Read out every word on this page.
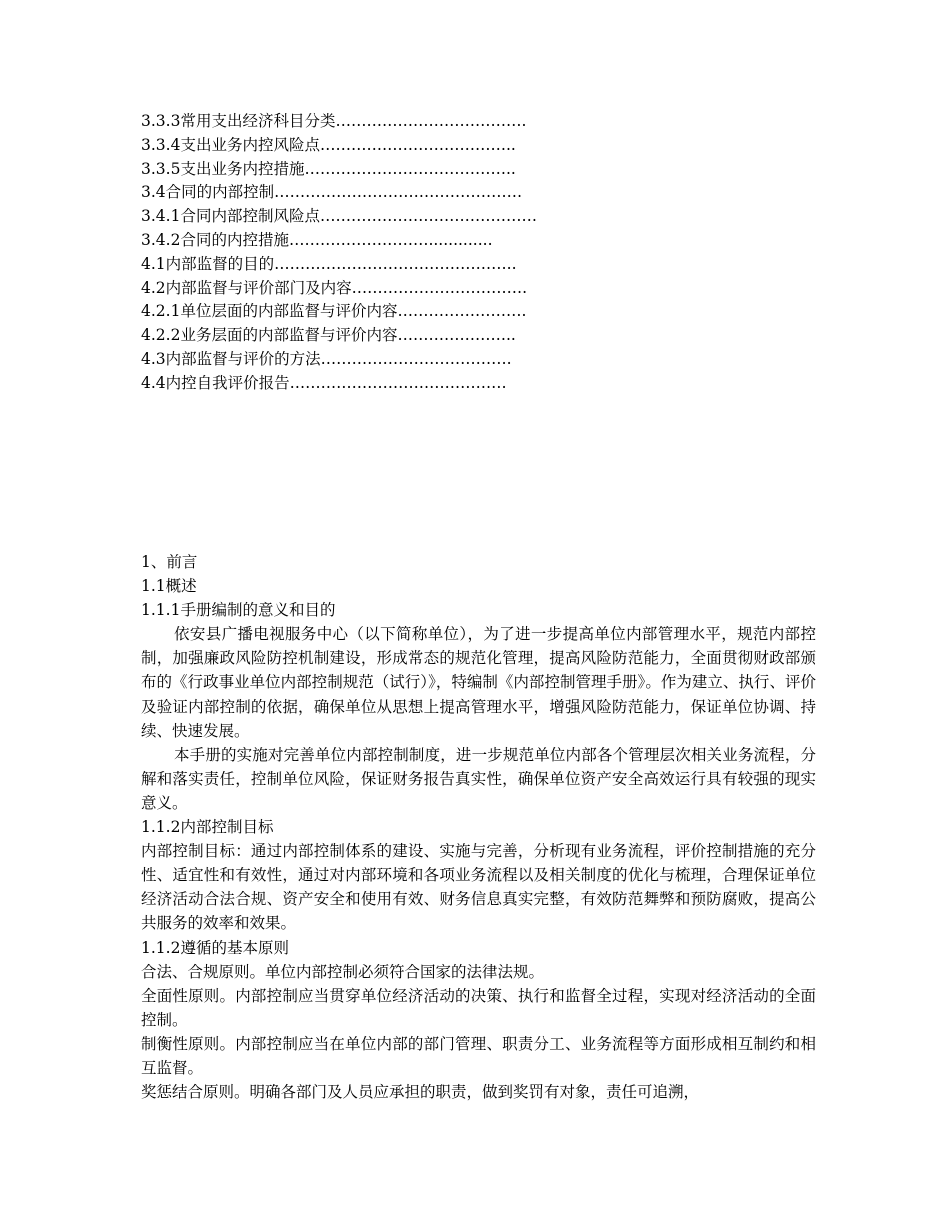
3.3.3常用支出经济科目分类……………………………….
3.3.4支出业务内控风险点………………………………..
3.3.5支出业务内控措施…………………………………..
3.4合同的内部控制…………………………………………
3.4.1合同内部控制风险点……………………………………
3.4.2合同的内控措施……………………….............
4.1内部监督的目的………………………………………..
4.2内部监督与评价部门及内容…………………………….
4.2.1单位层面的内部监督与评价内容…………………….
4.2.2业务层面的内部监督与评价内容…………………..
4.3内部监督与评价的方法……………………………….
4.4内控自我评价报告……………………………………
1、前言
1.1概述
1.1.1手册编制的意义和目的
依安县广播电视服务中心（以下简称单位），为了进一步提高单位内部管理水平，规范内部控制，加强廉政风险防控机制建设，形成常态的规范化管理，提高风险防范能力，全面贯彻财政部颁布的《行政事业单位内部控制规范（试行）》，特编制《内部控制管理手册》。作为建立、执行、评价及验证内部控制的依据，确保单位从思想上提高管理水平，增强风险防范能力，保证单位协调、持续、快速发展。
本手册的实施对完善单位内部控制制度，进一步规范单位内部各个管理层次相关业务流程，分解和落实责任，控制单位风险，保证财务报告真实性，确保单位资产安全高效运行具有较强的现实意义。
1.1.2内部控制目标
内部控制目标：通过内部控制体系的建设、实施与完善，分析现有业务流程，评价控制措施的充分性、适宜性和有效性，通过对内部环境和各项业务流程以及相关制度的优化与梳理，合理保证单位经济活动合法合规、资产安全和使用有效、财务信息真实完整，有效防范舞弊和预防腐败，提高公共服务的效率和效果。
1.1.2遵循的基本原则
合法、合规原则。单位内部控制必须符合国家的法律法规。
全面性原则。内部控制应当贯穿单位经济活动的决策、执行和监督全过程，实现对经济活动的全面控制。
制衡性原则。内部控制应当在单位内部的部门管理、职责分工、业务流程等方面形成相互制约和相互监督。
奖惩结合原则。明确各部门及人员应承担的职责，做到奖罚有对象，责任可追溯，
